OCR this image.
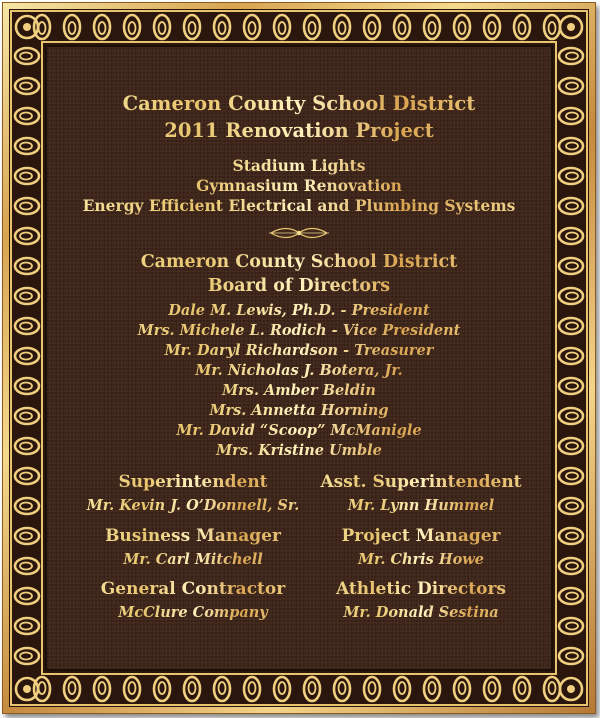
Cameron County School District
2011 Renovation Project
Stadium Lights
Gymnasium Renovation
Energy Efficient Electrical and Plumbing Systems
Cameron County School District
Board of Directors
Dale M. Lewis, Ph.D. - President
Mrs. Michele L. Rodich - Vice President
Mr. Daryl Richardson - Treasurer
Mr. Nicholas J. Botera, Jr.
Mrs. Amber Beldin
Mrs. Annetta Horning
Mr. David “Scoop” McManigle
Mrs. Kristine Umble
Superintendent	Asst. Superintendent
Mr. Kevin J. O’Donnell, Sr.	Mr. Lynn Hummel
Business Manager	Project Manager
Mr. Carl Mitchell	Mr. Chris Howe
General Contractor	Athletic Directors
McClure Company	Mr. Donald Sestina
